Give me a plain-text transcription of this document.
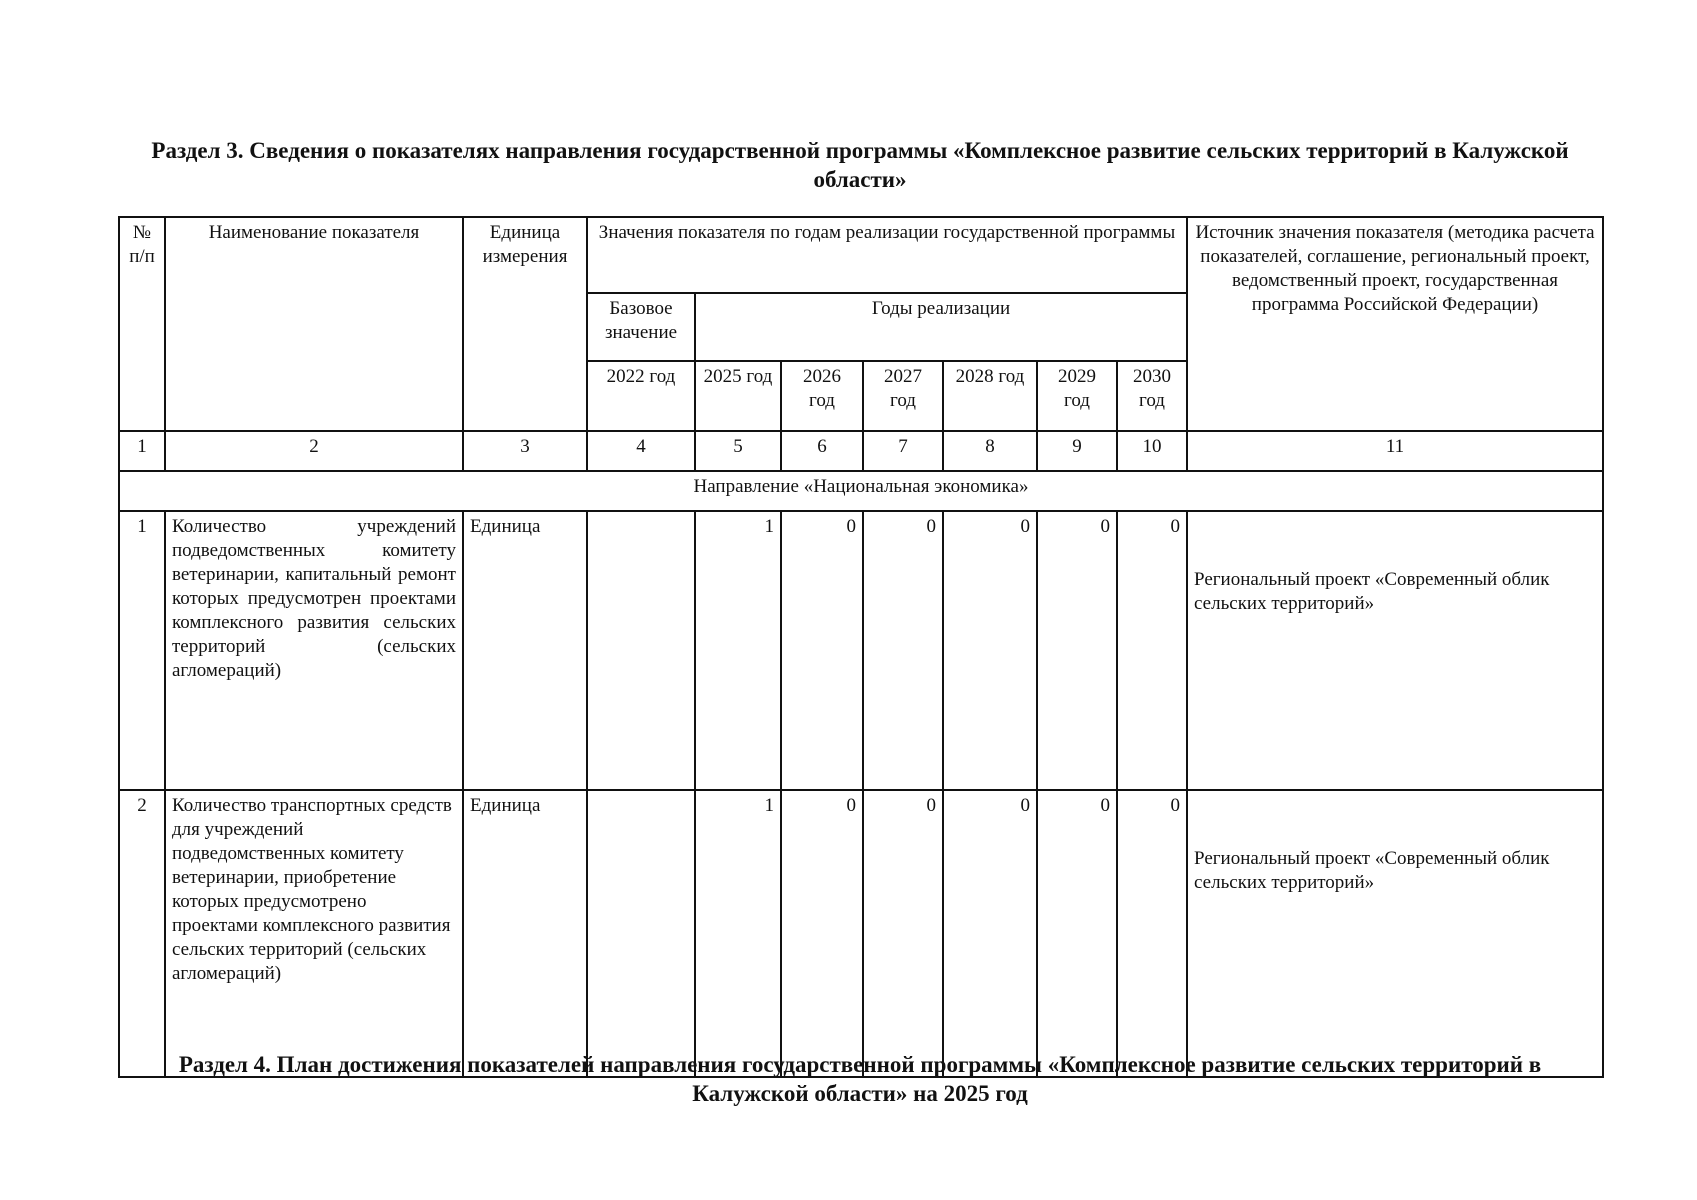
Раздел 3. Сведения о показателях направления государственной программы «Комплексное развитие сельских территорий в Калужской области»
№ п/п	Наименование показателя	Единица измерения	Значения показателя по годам реализации государственной программы							Источник значения показателя (методика расчета показателей, соглашение, региональный проект, ведомственный проект, государственная программа Российской Федерации)
			Базовое значение	Годы реализации						
			2022 год	2025 год	2026 год	2027 год	2028 год	2029 год	2030 год	
1	2	3	4	5	6	7	8	9	10	11
Направление «Национальная экономика»										
1	Количество учреждений подведомственных комитету ветеринарии, капитальный ремонт которых предусмотрен проектами комплексного развития сельских территорий (сельских агломераций)	Единица		1	0	0	0	0	0	Региональный проект «Современный облик сельских территорий»
2	Количество транспортных средств для учреждений подведомственных комитету ветеринарии, приобретение которых предусмотрено проектами комплексного развития сельских территорий (сельских агломераций)	Единица		1	0	0	0	0	0	Региональный проект «Современный облик сельских территорий»
Раздел 4. План достижения показателей направления государственной программы «Комплексное развитие сельских территорий в Калужской области» на 2025 год
